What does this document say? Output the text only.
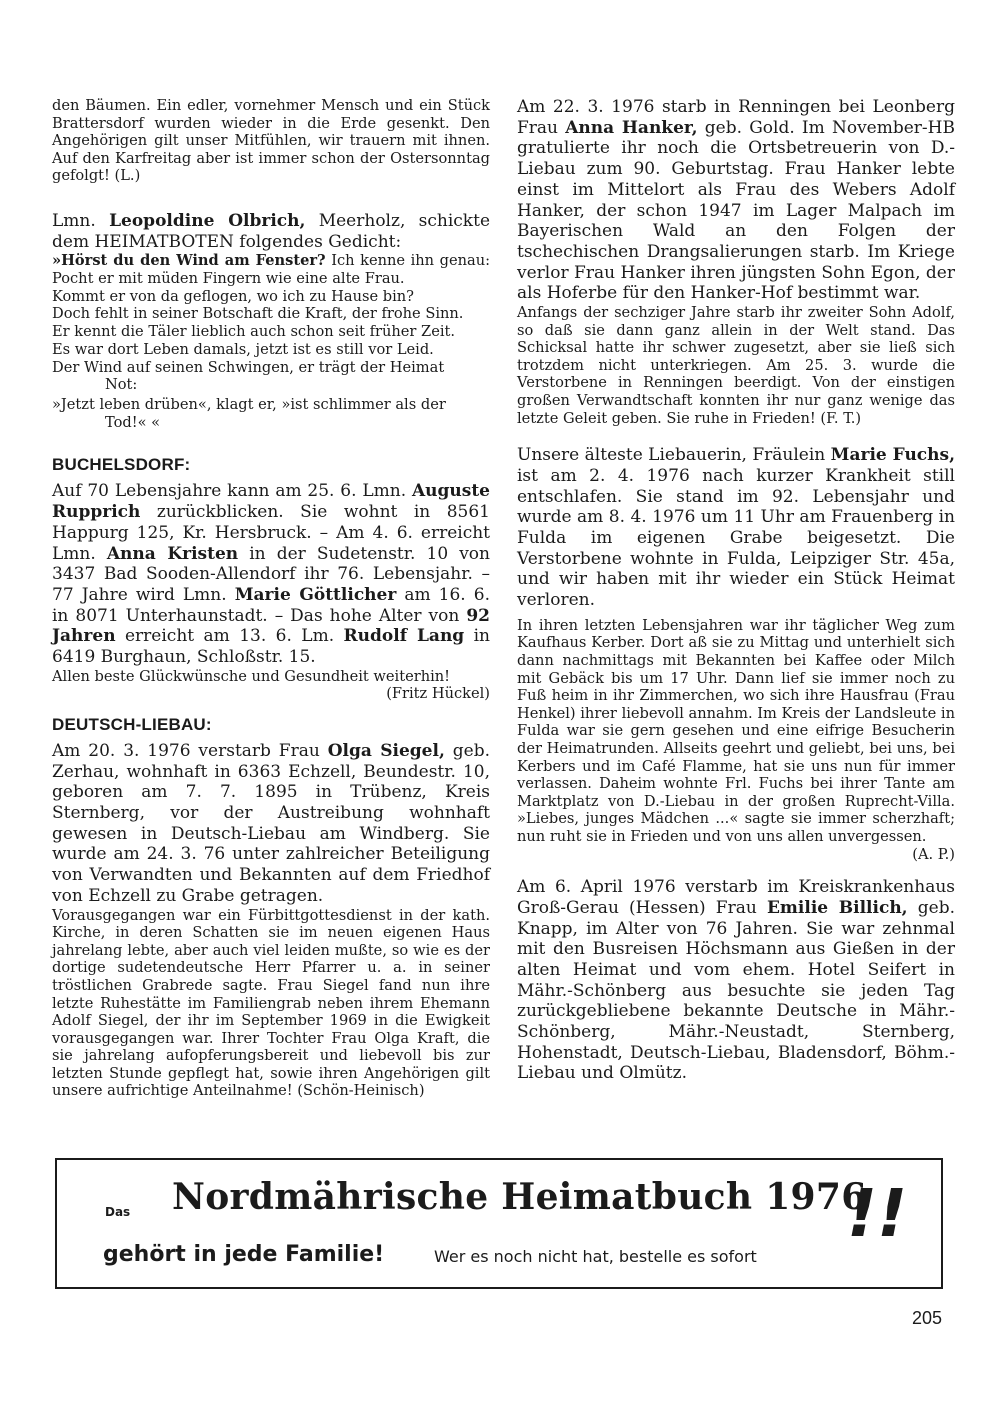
den Bäumen. Ein edler, vornehmer Mensch und ein Stück Brattersdorf wurden wieder in die Erde gesenkt. Den Angehörigen gilt unser Mitfühlen, wir trauern mit ihnen. Auf den Karfreitag aber ist immer schon der Ostersonntag gefolgt! (L.)

Lmn. Leopoldine Olbrich, Meerholz, schickte dem HEIMATBOTEN folgendes Gedicht:

»Hörst du den Wind am Fenster? Ich kenne ihn genau: Pocht er mit müden Fingern wie eine alte Frau.

Kommt er von da geflogen, wo ich zu Hause bin?

Doch fehlt in seiner Botschaft die Kraft, der frohe Sinn.

Er kennt die Täler lieblich auch schon seit früher Zeit.

Es war dort Leben damals, jetzt ist es still vor Leid.

Der Wind auf seinen Schwingen, er trägt der Heimat

Not:

»Jetzt leben drüben«, klagt er, »ist schlimmer als der

Tod!« «

BUCHELSDORF:

Auf 70 Lebensjahre kann am 25. 6. Lmn. Auguste Rupprich zurückblicken. Sie wohnt in 8561 Happurg 125, Kr. Hersbruck. – Am 4. 6. erreicht Lmn. Anna Kristen in der Sudetenstr. 10 von 3437 Bad Sooden-Allendorf ihr 76. Lebensjahr. – 77 Jahre wird Lmn. Marie Göttlicher am 16. 6. in 8071 Unterhaunstadt. – Das hohe Alter von 92 Jahren erreicht am 13. 6. Lm. Rudolf Lang in 6419 Burghaun, Schloßstr. 15.

Allen beste Glückwünsche und Gesundheit weiterhin!

(Fritz Hückel)

DEUTSCH-LIEBAU:

Am 20. 3. 1976 verstarb Frau Olga Siegel, geb. Zerhau, wohnhaft in 6363 Echzell, Beundestr. 10, geboren am 7. 7. 1895 in Trübenz, Kreis Sternberg, vor der Austreibung wohnhaft gewesen in Deutsch-Liebau am Windberg. Sie wurde am 24. 3. 76 unter zahlreicher Beteiligung von Verwandten und Bekannten auf dem Friedhof von Echzell zu Grabe getragen.

Vorausgegangen war ein Fürbittgottesdienst in der kath. Kirche, in deren Schatten sie im neuen eigenen Haus jahrelang lebte, aber auch viel leiden mußte, so wie es der dortige sudetendeutsche Herr Pfarrer u. a. in seiner tröstlichen Grabrede sagte. Frau Siegel fand nun ihre letzte Ruhestätte im Familiengrab neben ihrem Ehemann Adolf Siegel, der ihr im September 1969 in die Ewigkeit vorausgegangen war. Ihrer Tochter Frau Olga Kraft, die sie jahrelang aufopferungsbereit und liebevoll bis zur letzten Stunde gepflegt hat, sowie ihren Angehörigen gilt unsere aufrichtige Anteilnahme! (Schön-Heinisch)

Am 22. 3. 1976 starb in Renningen bei Leonberg Frau Anna Hanker, geb. Gold. Im November-HB gratulierte ihr noch die Ortsbetreuerin von D.-Liebau zum 90. Geburtstag. Frau Hanker lebte einst im Mittelort als Frau des Webers Adolf Hanker, der schon 1947 im Lager Malpach im Bayerischen Wald an den Folgen der tschechischen Drangsalierungen starb. Im Kriege verlor Frau Hanker ihren jüngsten Sohn Egon, der als Hoferbe für den Hanker-Hof bestimmt war.

Anfangs der sechziger Jahre starb ihr zweiter Sohn Adolf, so daß sie dann ganz allein in der Welt stand. Das Schicksal hatte ihr schwer zugesetzt, aber sie ließ sich trotzdem nicht unterkriegen. Am 25. 3. wurde die Verstorbene in Renningen beerdigt. Von der einstigen großen Verwandtschaft konnten ihr nur ganz wenige das letzte Geleit geben. Sie ruhe in Frieden! (F. T.)

Unsere älteste Liebauerin, Fräulein Marie Fuchs, ist am 2. 4. 1976 nach kurzer Krankheit still entschlafen. Sie stand im 92. Lebensjahr und wurde am 8. 4. 1976 um 11 Uhr am Frauenberg in Fulda im eigenen Grabe beigesetzt. Die Verstorbene wohnte in Fulda, Leipziger Str. 45a, und wir haben mit ihr wieder ein Stück Heimat verloren.

In ihren letzten Lebensjahren war ihr täglicher Weg zum Kaufhaus Kerber. Dort aß sie zu Mittag und unterhielt sich dann nachmittags mit Bekannten bei Kaffee oder Milch mit Gebäck bis um 17 Uhr. Dann lief sie immer noch zu Fuß heim in ihr Zimmerchen, wo sich ihre Hausfrau (Frau Henkel) ihrer liebevoll annahm. Im Kreis der Landsleute in Fulda war sie gern gesehen und eine eifrige Besucherin der Heimatrunden. Allseits geehrt und geliebt, bei uns, bei Kerbers und im Café Flamme, hat sie uns nun für immer verlassen. Daheim wohnte Frl. Fuchs bei ihrer Tante am Marktplatz von D.-Liebau in der großen Ruprecht-Villa. »Liebes, junges Mädchen ...« sagte sie immer scherzhaft; nun ruht sie in Frieden und von uns allen unvergessen.

(A. P.)

Am 6. April 1976 verstarb im Kreiskrankenhaus Groß-Gerau (Hessen) Frau Emilie Billich, geb. Knapp, im Alter von 76 Jahren. Sie war zehnmal mit den Busreisen Höchsmann aus Gießen in der alten Heimat und vom ehem. Hotel Seifert in Mähr.-Schönberg aus besuchte sie jeden Tag zurückgebliebene bekannte Deutsche in Mähr.-Schönberg, Mähr.-Neustadt, Sternberg, Hohenstadt, Deutsch-Liebau, Bladensdorf, Böhm.-Liebau und Olmütz.

Das Nordmährische Heimatbuch 1976
gehört in jede Familie!	Wer es noch nicht hat, bestelle es sofort
!!
205
